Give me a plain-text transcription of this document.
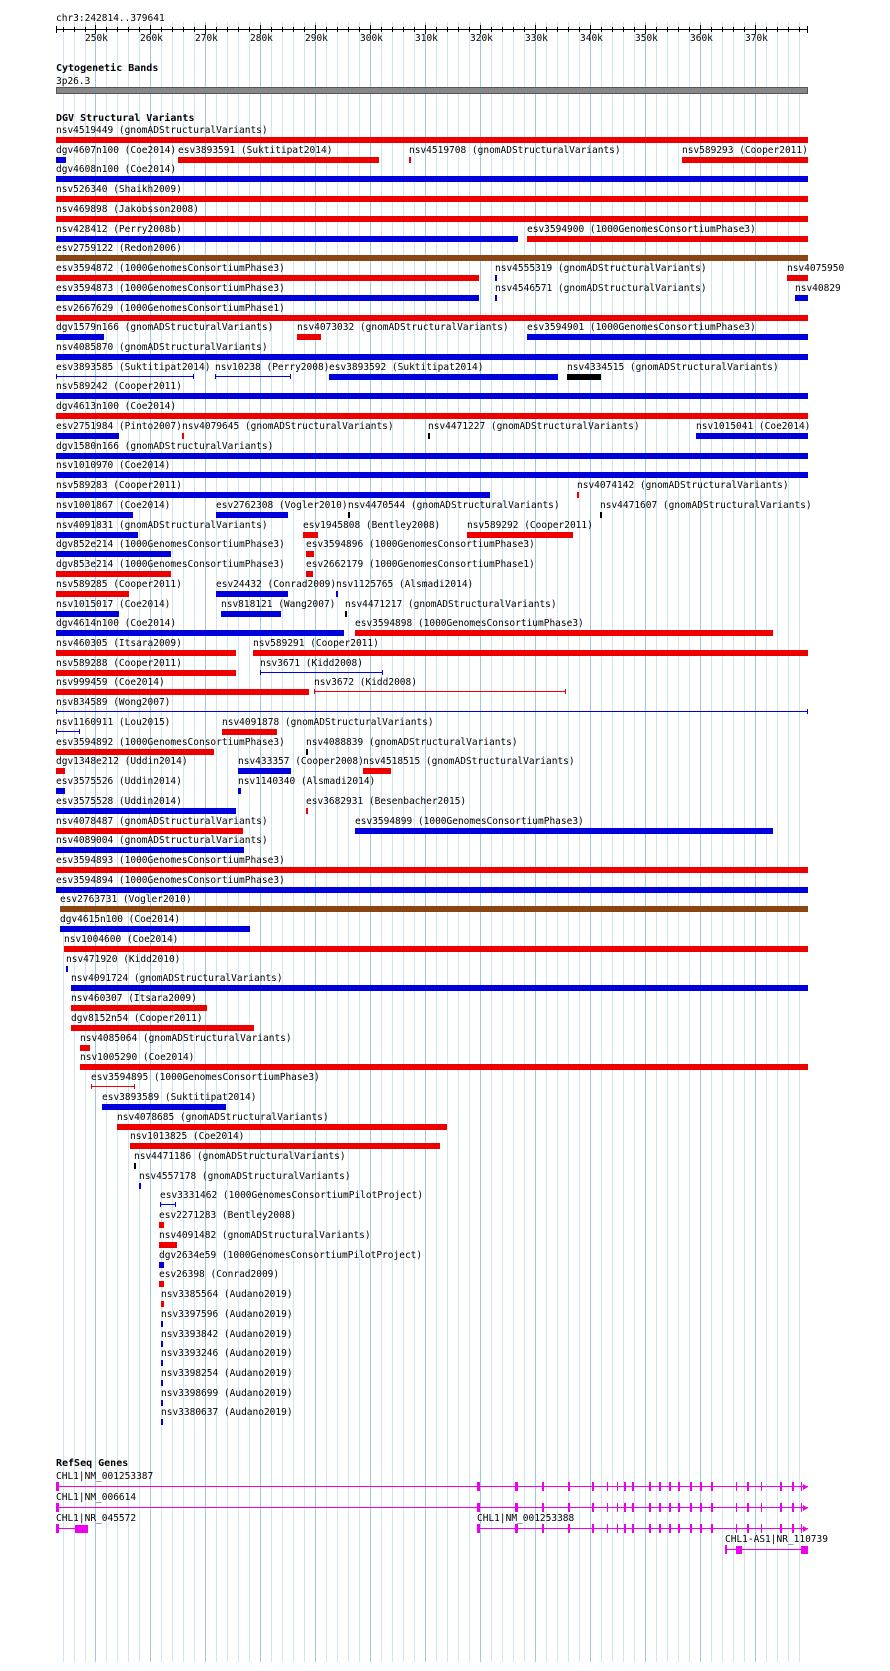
chr3:242814..379641
250k	260k	270k	280k	290k	300k	310k	320k	330k	340k	350k	360k	370k
Cytogenetic Bands
3p26.3
DGV Structural Variants
nsv4519449 (gnomADStructuralVariants)
dgv4607n100 (Coe2014) esv3893591 (Suktitipat2014)	nsv4519708 (gnomADStructuralVariants)	nsv589293 (Cooper2011)
dgv4608n100 (Coe2014)
nsv526340 (Shaikh2009)
nsv469898 (Jakobsson2008)
nsv428412 (Perry2008b)	esv3594900 (1000GenomesConsortiumPhase3)
esv2759122 (Redon2006)
esv3594872 (1000GenomesConsortiumPhase3)	nsv4555319 (gnomADStructuralVariants)	nsv4075950
esv3594873 (1000GenomesConsortiumPhase3)	nsv4546571 (gnomADStructuralVariants)	nsv40829
esv2667629 (1000GenomesConsortiumPhase1)
dgv1579n166 (gnomADStructuralVariants) nsv4073032 (gnomADStructuralVariants) esv3594901 (1000GenomesConsortiumPhase3)
nsv4085870 (gnomADStructuralVariants)
esv3893585 (Suktitipat2014) nsv10238 (Perry2008) esv3893592 (Suktitipat2014)	nsv4334515 (gnomADStructuralVariants)
nsv589242 (Cooper2011)
dgv4613n100 (Coe2014)
esv2751984 (Pinto2007) nsv4079645 (gnomADStructuralVariants)	nsv4471227 (gnomADStructuralVariants)	nsv1015041 (Coe2014)
dgv1580n166 (gnomADStructuralVariants)
nsv1010970 (Coe2014)
nsv589283 (Cooper2011)	nsv4074142 (gnomADStructuralVariants)
nsv1001867 (Coe2014)	esv2762308 (Vogler2010) nsv4470544 (gnomADStructuralVariants)	nsv4471607 (gnomADStructuralVariants)
nsv4091831 (gnomADStructuralVariants)	esv1945808 (Bentley2008)	nsv589292 (Cooper2011)
dgv852e214 (1000GenomesConsortiumPhase3) esv3594896 (1000GenomesConsortiumPhase3)
dgv853e214 (1000GenomesConsortiumPhase3) esv2662179 (1000GenomesConsortiumPhase1)
nsv589285 (Cooper2011)	esv24432 (Conrad2009) nsv1125765 (Alsmadi2014)
nsv1015017 (Coe2014)	nsv818121 (Wang2007) nsv4471217 (gnomADStructuralVariants)
dgv4614n100 (Coe2014)	esv3594898 (1000GenomesConsortiumPhase3)
nsv460305 (Itsara2009)	nsv589291 (Cooper2011)
nsv589288 (Cooper2011)	nsv3671 (Kidd2008)
nsv999459 (Coe2014)	nsv3672 (Kidd2008)
nsv834589 (Wong2007)
nsv1160911 (Lou2015)	nsv4091878 (gnomADStructuralVariants)
esv3594892 (1000GenomesConsortiumPhase3) nsv4088839 (gnomADStructuralVariants)
dgv1348e212 (Uddin2014)	nsv433357 (Cooper2008) nsv4518515 (gnomADStructuralVariants)
esv3575526 (Uddin2014)	nsv1140340 (Alsmadi2014)
esv3575528 (Uddin2014)	esv3682931 (Besenbacher2015)
nsv4078487 (gnomADStructuralVariants)	esv3594899 (1000GenomesConsortiumPhase3)
nsv4089004 (gnomADStructuralVariants)
esv3594893 (1000GenomesConsortiumPhase3)
esv3594894 (1000GenomesConsortiumPhase3)
esv2763731 (Vogler2010)
dgv4615n100 (Coe2014)
nsv1004600 (Coe2014)
nsv471920 (Kidd2010)
nsv4091724 (gnomADStructuralVariants)
nsv460307 (Itsara2009)
dgv8152n54 (Cooper2011)
nsv4085064 (gnomADStructuralVariants)
nsv1005290 (Coe2014)
esv3594895 (1000GenomesConsortiumPhase3)
esv3893589 (Suktitipat2014)
nsv4078685 (gnomADStructuralVariants)
nsv1013825 (Coe2014)
nsv4471186 (gnomADStructuralVariants)
nsv4557178 (gnomADStructuralVariants)
esv3331462 (1000GenomesConsortiumPilotProject)
esv2271283 (Bentley2008)
nsv4091482 (gnomADStructuralVariants)
dgv2634e59 (1000GenomesConsortiumPilotProject)
esv26398 (Conrad2009)
nsv3385564 (Audano2019)
nsv3397596 (Audano2019)
nsv3393842 (Audano2019)
nsv3393246 (Audano2019)
nsv3398254 (Audano2019)
nsv3398699 (Audano2019)
nsv3380637 (Audano2019)
RefSeq Genes
CHL1|NM_001253387
CHL1|NM_006614
CHL1|NR_045572	CHL1|NM_001253388
CHL1-AS1|NR_110739
